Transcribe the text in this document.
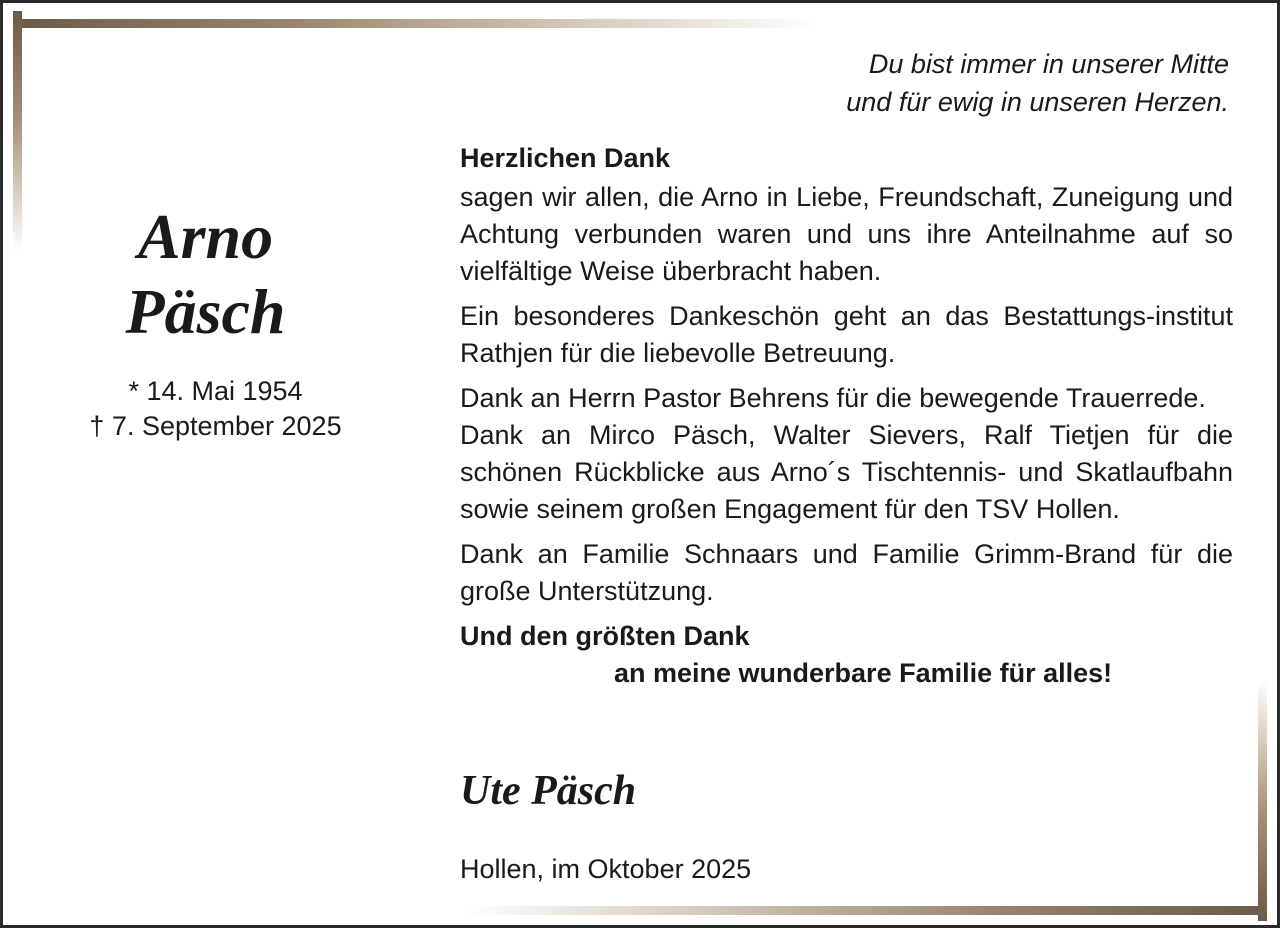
Arno
Päsch
* 14. Mai 1954
† 7. September 2025
Du bist immer in unserer Mitte
und für ewig in unseren Herzen.
Herzlichen Dank
sagen wir allen, die Arno in Liebe, Freundschaft, Zuneigung und Achtung verbunden waren und uns ihre Anteilnahme auf so vielfältige Weise überbracht haben.
Ein besonderes Dankeschön geht an das Bestattungs-institut Rathjen für die liebevolle Betreuung.
Dank an Herrn Pastor Behrens für die bewegende Trauerrede.
Dank an Mirco Päsch, Walter Sievers, Ralf Tietjen für die schönen Rückblicke aus Arno´s Tischtennis- und Skatlaufbahn sowie seinem großen Engagement für den TSV Hollen.
Dank an Familie Schnaars und Familie Grimm-Brand für die große Unterstützung.
Und den größten Dank
an meine wunderbare Familie für alles!
Ute Päsch
Hollen, im Oktober 2025
